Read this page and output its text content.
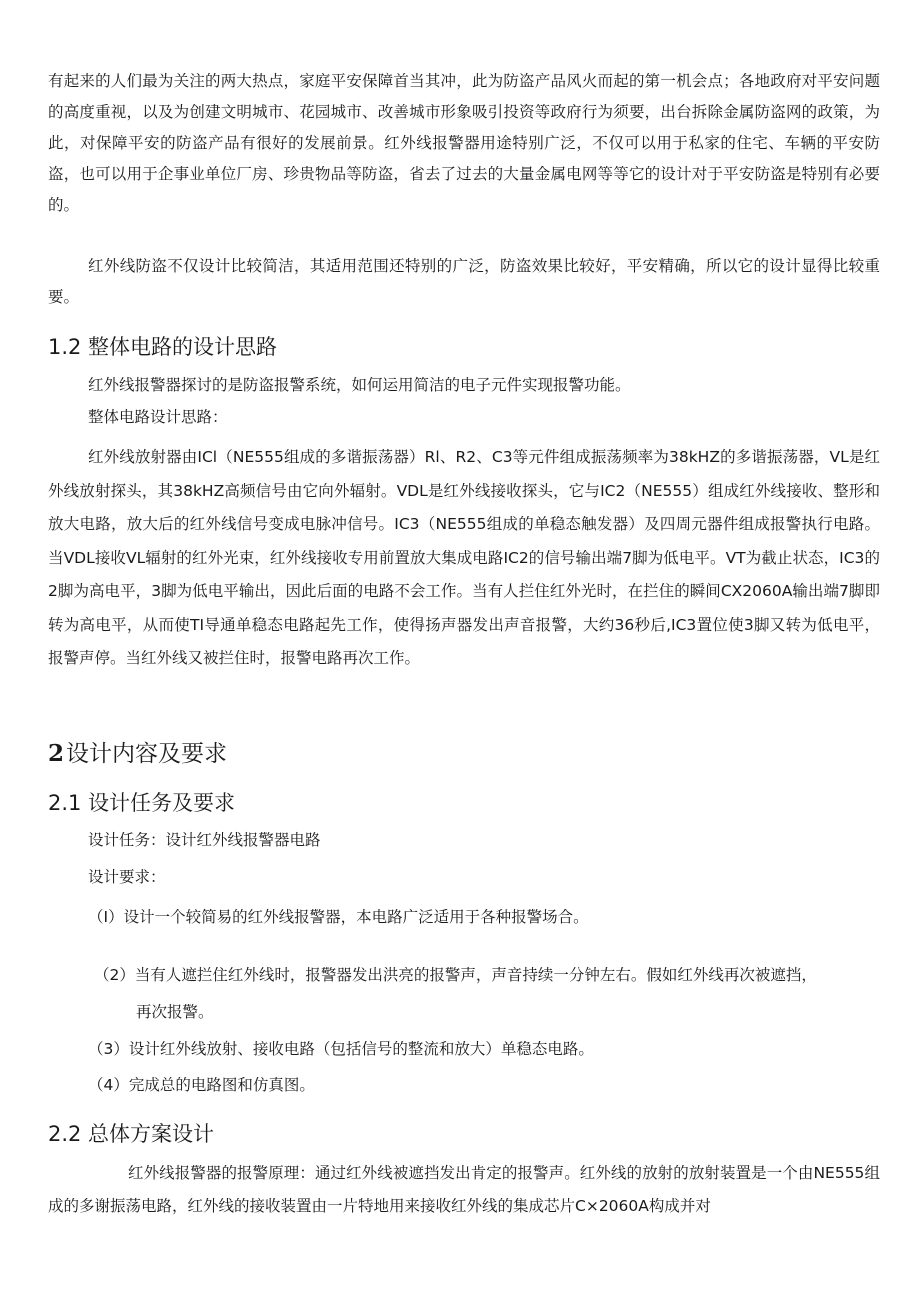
有起来的人们最为关注的两大热点，家庭平安保障首当其冲，此为防盗产品风火而起的第一机会点；各地政府对平安问题的高度重视，以及为创建文明城市、花园城市、改善城市形象吸引投资等政府行为须要，出台拆除金属防盗网的政策，为此，对保障平安的防盗产品有很好的发展前景。红外线报警器用途特别广泛，不仅可以用于私家的住宅、车辆的平安防盗，也可以用于企事业单位厂房、珍贵物品等防盗，省去了过去的大量金属电网等等它的设计对于平安防盗是特别有必要的。

红外线防盗不仅设计比较简洁，其适用范围还特别的广泛，防盗效果比较好，平安精确，所以它的设计显得比较重要。

1.2 整体电路的设计思路

红外线报警器探讨的是防盗报警系统，如何运用简洁的电子元件实现报警功能。

整体电路设计思路：

红外线放射器由ICl（NE555组成的多谐振荡器）Rl、R2、C3等元件组成振荡频率为38kHZ的多谐振荡器，VL是红外线放射探头，其38kHZ高频信号由它向外辐射。VDL是红外线接收探头，它与IC2（NE555）组成红外线接收、整形和放大电路，放大后的红外线信号变成电脉冲信号。IC3（NE555组成的单稳态触发器）及四周元器件组成报警执行电路。当VDL接收VL辐射的红外光束，红外线接收专用前置放大集成电路IC2的信号输出端7脚为低电平。VT为截止状态，IC3的2脚为高电平，3脚为低电平输出，因此后面的电路不会工作。当有人拦住红外光时，在拦住的瞬间CX2060A输出端7脚即转为高电平，从而使TI导通单稳态电路起先工作，使得扬声器发出声音报警，大约36秒后,IC3置位使3脚又转为低电平，报警声停。当红外线又被拦住时，报警电路再次工作。

2设计内容及要求
2.1 设计任务及要求

设计任务：设计红外线报警器电路

设计要求：

（I）设计一个较简易的红外线报警器，本电路广泛适用于各种报警场合。

（2）当有人遮拦住红外线时，报警器发出洪亮的报警声，声音持续一分钟左右。假如红外线再次被遮挡，

再次报警。

（3）设计红外线放射、接收电路（包括信号的整流和放大）单稳态电路。

（4）完成总的电路图和仿真图。

2.2 总体方案设计

红外线报警器的报警原理：通过红外线被遮挡发出肯定的报警声。红外线的放射的放射装置是一个由NE555组成的多谢振荡电路，红外线的接收装置由一片特地用来接收红外线的集成芯片C×2060A构成并对
